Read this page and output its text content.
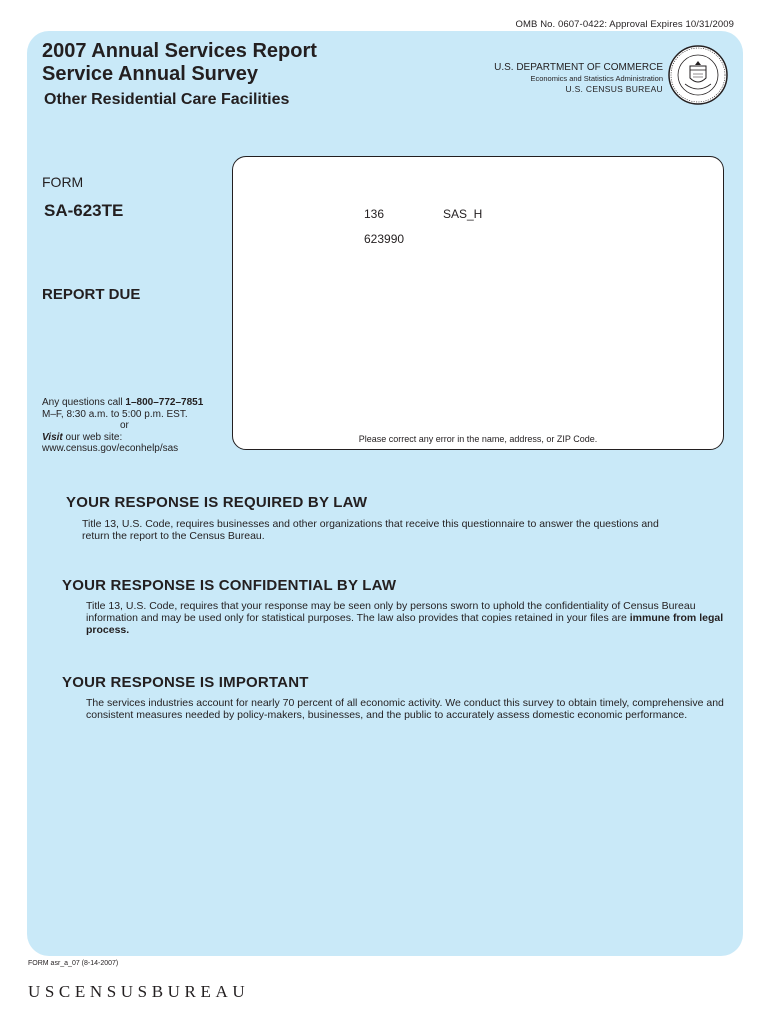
OMB No. 0607-0422: Approval Expires 10/31/2009
2007 Annual Services Report
Service Annual Survey
Other Residential Care Facilities
U.S. DEPARTMENT OF COMMERCE
Economics and Statistics Administration
U.S. CENSUS BUREAU
FORM
SA-623TE
REPORT DUE
Any questions call 1–800–772–7851
M–F, 8:30 a.m. to 5:00 p.m. EST.
or
Visit our web site:
www.census.gov/econhelp/sas
136	SAS_H
623990
Please correct any error in the name, address, or ZIP Code.
YOUR RESPONSE IS REQUIRED BY LAW
Title 13, U.S. Code, requires businesses and other organizations that receive this questionnaire to answer the questions and return the report to the Census Bureau.
YOUR RESPONSE IS CONFIDENTIAL BY LAW
Title 13, U.S. Code, requires that your response may be seen only by persons sworn to uphold the confidentiality of Census Bureau information and may be used only for statistical purposes. The law also provides that copies retained in your files are immune from legal process.
YOUR RESPONSE IS IMPORTANT
The services industries account for nearly 70 percent of all economic activity. We conduct this survey to obtain timely, comprehensive and consistent measures needed by policy-makers, businesses, and the public to accurately assess domestic economic performance.
FORM asr_a_07 (8-14-2007)
USCENSUSBUREAU
